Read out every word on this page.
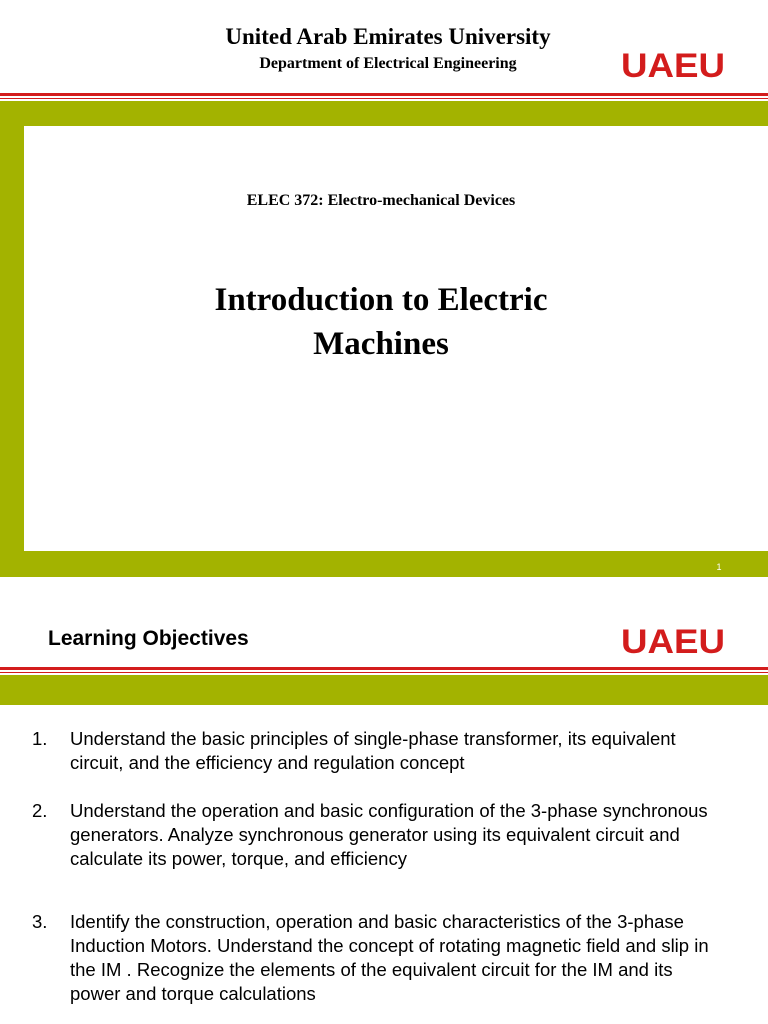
United Arab Emirates University
Department of Electrical Engineering	UAEU
ELEC 372: Electro-mechanical Devices
Introduction to Electric
Machines
1
Learning Objectives	UAEU
1.	Understand the basic principles of single-phase transformer, its equivalent circuit, and the efficiency and regulation concept
2.	Understand the operation and basic configuration of the 3-phase synchronous generators. Analyze synchronous generator using its equivalent circuit and calculate its power, torque, and efficiency
3.	Identify the construction, operation and basic characteristics of the 3-phase Induction Motors. Understand the concept of rotating magnetic field and slip in the IM . Recognize the elements of the equivalent circuit for the IM and its power and torque calculations
